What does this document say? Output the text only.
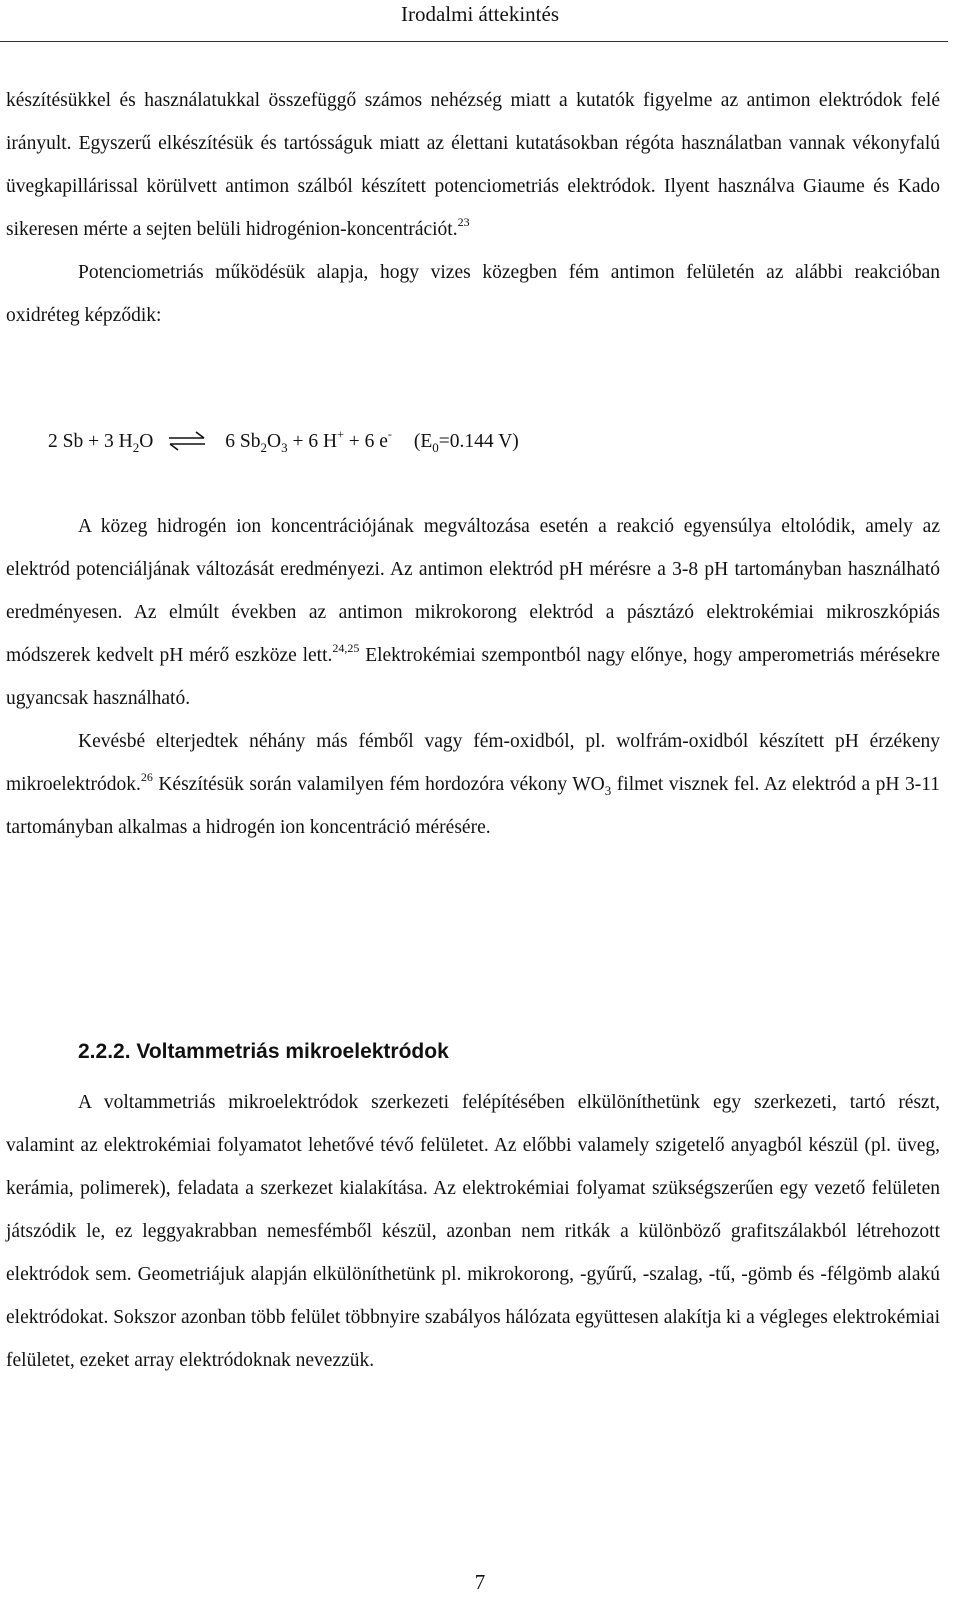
Irodalmi áttekintés

készítésükkel és használatukkal összefüggő számos nehézség miatt a kutatók figyelme az antimon elektródok felé irányult. Egyszerű elkészítésük és tartósságuk miatt az élettani kutatásokban régóta használatban vannak vékonyfalú üvegkapillárissal körülvett antimon szálból készített potenciometriás elektródok. Ilyent használva Giaume és Kado sikeresen mérte a sejten belüli hidrogénion-koncentrációt.$^{23}$

Potenciometriás működésük alapja, hogy vizes közegben fém antimon felületén az alábbi reakcióban oxidréteg képződik:

2 Sb + 3 $H_2O$ ⇌ 6 $Sb_2O_3 + 6$ H+ + 6 e- ($E_0=0.144$ V)

A közeg hidrogén ion koncentrációjának megváltozása esetén a reakció egyensúlya eltolódik, amely az elektród potenciáljának változását eredményezi. Az antimon elektród pH mérésre a 3-8 pH tartományban használható eredményesen. Az elmúlt években az antimon mikrokorong elektród a pásztázó elektrokémiai mikroszkópiás módszerek kedvelt pH mérő eszköze lett.$^{24,25}$ Elektrokémiai szempontból nagy előnye, hogy amperometriás mérésekre ugyancsak használható.

Kevésbé elterjedtek néhány más fémből vagy fém-oxidból, pl. wolfrám-oxidból készített pH érzékeny mikroelektródok.$^{26}$ Készítésük során valamilyen fém hordozóra vékony $WO_3$ filmet visznek fel. Az elektród a pH 3-11 tartományban alkalmas a hidrogén ion koncentráció mérésére.

2.2.2. Voltammetriás mikroelektródok

A voltammetriás mikroelektródok szerkezeti felépítésében elkülöníthetünk egy szerkezeti, tartó részt, valamint az elektrokémiai folyamatot lehetővé tévő felületet. Az előbbi valamely szigetelő anyagból készül (pl. üveg, kerámia, polimerek), feladata a szerkezet kialakítása. Az elektrokémiai folyamat szükségszerűen egy vezető felületen játszódik le, ez leggyakrabban nemesfémből készül, azonban nem ritkák a különböző grafitszálakból létrehozott elektródok sem. Geometriájuk alapján elkülöníthetünk pl. mikrokorong, -gyűrű, -szalag, -tű, -gömb és -félgömb alakú elektródokat. Sokszor azonban több felület többnyire szabályos hálózata együttesen alakítja ki a végleges elektrokémiai felületet, ezeket array elektródoknak nevezzük.

7
